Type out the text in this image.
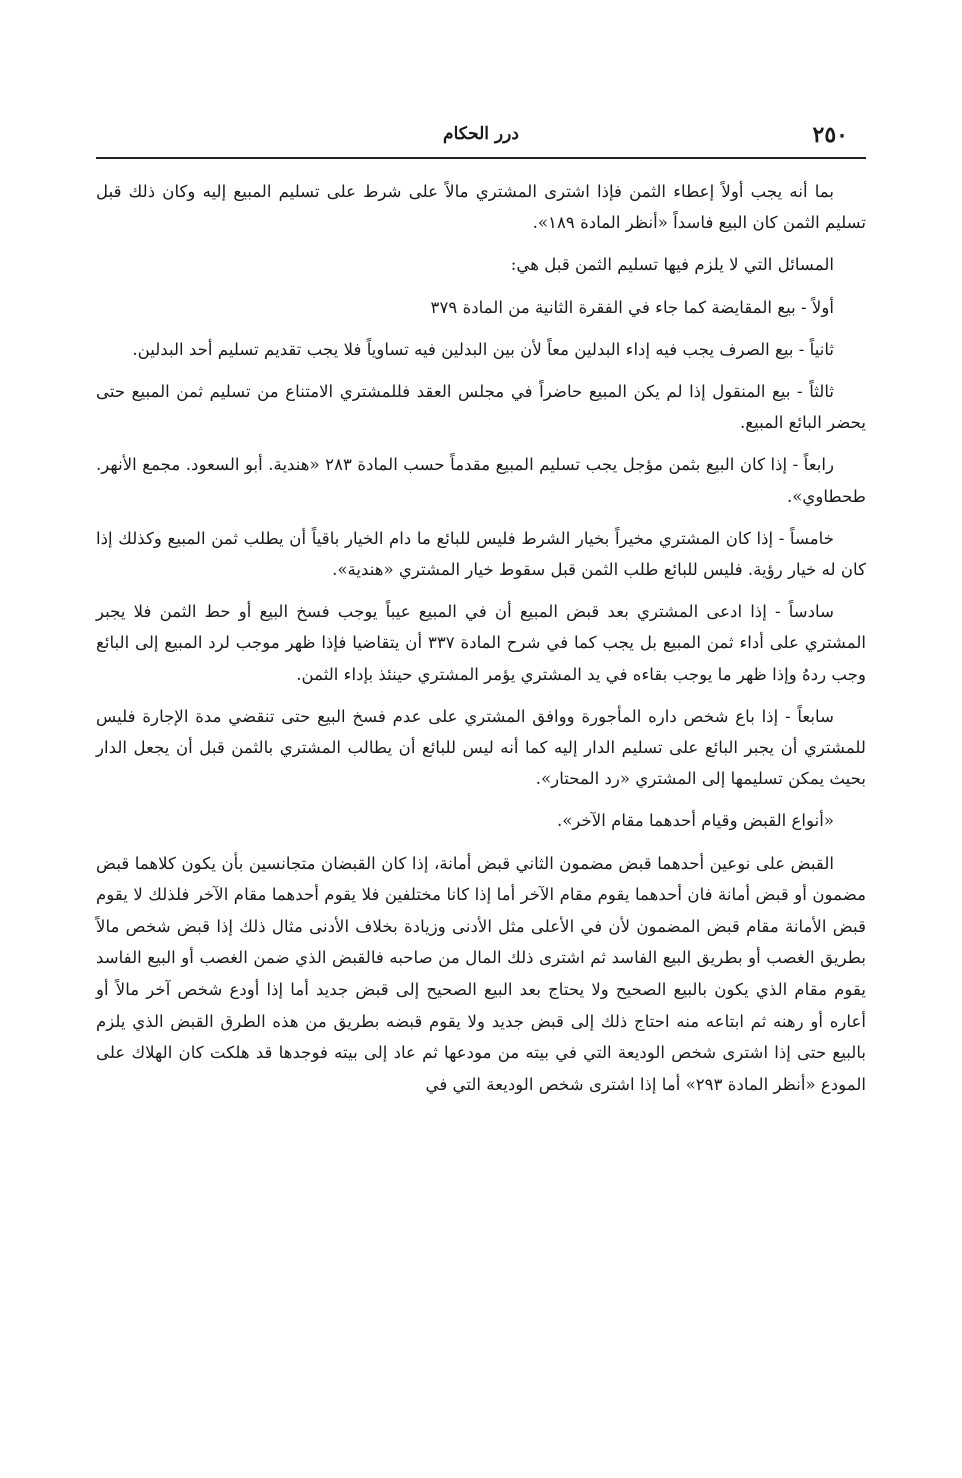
٢٥٠
درر الحكام

بما أنه يجب أولاً إعطاء الثمن فإذا اشترى المشتري مالاً على شرط على تسليم المبيع إليه وكان ذلك قبل تسليم الثمن كان البيع فاسداً «أنظر المادة ١٨٩».

المسائل التي لا يلزم فيها تسليم الثمن قبل هي:

أولاً - بيع المقايضة كما جاء في الفقرة الثانية من المادة ٣٧٩

ثانياً - بيع الصرف يجب فيه إداء البدلين معاً لأن بين البدلين فيه تساوياً فلا يجب تقديم تسليم أحد البدلين.

ثالثاً - بيع المنقول إذا لم يكن المبيع حاضراً في مجلس العقد فللمشتري الامتناع من تسليم ثمن المبيع حتى يحضر البائع المبيع.

رابعاً - إذا كان البيع بثمن مؤجل يجب تسليم المبيع مقدماً حسب المادة ٢٨٣ «هندية. أبو السعود. مجمع الأنهر. طحطاوي».

خامساً - إذا كان المشتري مخيراً بخيار الشرط فليس للبائع ما دام الخيار باقياً أن يطلب ثمن المبيع وكذلك إذا كان له خيار رؤية. فليس للبائع طلب الثمن قبل سقوط خيار المشتري «هندية».

سادساً - إذا ادعى المشتري بعد قبض المبيع أن في المبيع عيباً يوجب فسخ البيع أو حط الثمن فلا يجبر المشتري على أداء ثمن المبيع بل يجب كما في شرح المادة ٣٣٧ أن يتقاضيا فإذا ظهر موجب لرد المبيع إلى البائع وجب ردهُ وإذا ظهر ما يوجب بقاءه في يد المشتري يؤمر المشتري حينئذ بإداء الثمن.

سابعاً - إذا باع شخص داره المأجورة ووافق المشتري على عدم فسخ البيع حتى تنقضي مدة الإجارة فليس للمشتري أن يجبر البائع على تسليم الدار إليه كما أنه ليس للبائع أن يطالب المشتري بالثمن قبل أن يجعل الدار بحيث يمكن تسليمها إلى المشتري «رد المحتار».

«أنواع القبض وقيام أحدهما مقام الآخر».

القبض على نوعين أحدهما قبض مضمون الثاني قبض أمانة، إذا كان القبضان متجانسين بأن يكون كلاهما قبض مضمون أو قبض أمانة فان أحدهما يقوم مقام الآخر أما إذا كانا مختلفين فلا يقوم أحدهما مقام الآخر فلذلك لا يقوم قبض الأمانة مقام قبض المضمون لأن في الأعلى مثل الأدنى وزيادة بخلاف الأدنى مثال ذلك إذا قبض شخص مالاً بطريق الغصب أو بطريق البيع الفاسد ثم اشترى ذلك المال من صاحبه فالقبض الذي ضمن الغصب أو البيع الفاسد يقوم مقام الذي يكون بالبيع الصحيح ولا يحتاج بعد البيع الصحيح إلى قبض جديد أما إذا أودع شخص آخر مالاً أو أعاره أو رهنه ثم ابتاعه منه احتاج ذلك إلى قبض جديد ولا يقوم قبضه بطريق من هذه الطرق القبض الذي يلزم بالبيع حتى إذا اشترى شخص الوديعة التي في بيته من مودعها ثم عاد إلى بيته فوجدها قد هلكت كان الهلاك على المودع «أنظر المادة ٢٩٣» أما إذا اشترى شخص الوديعة التي في
